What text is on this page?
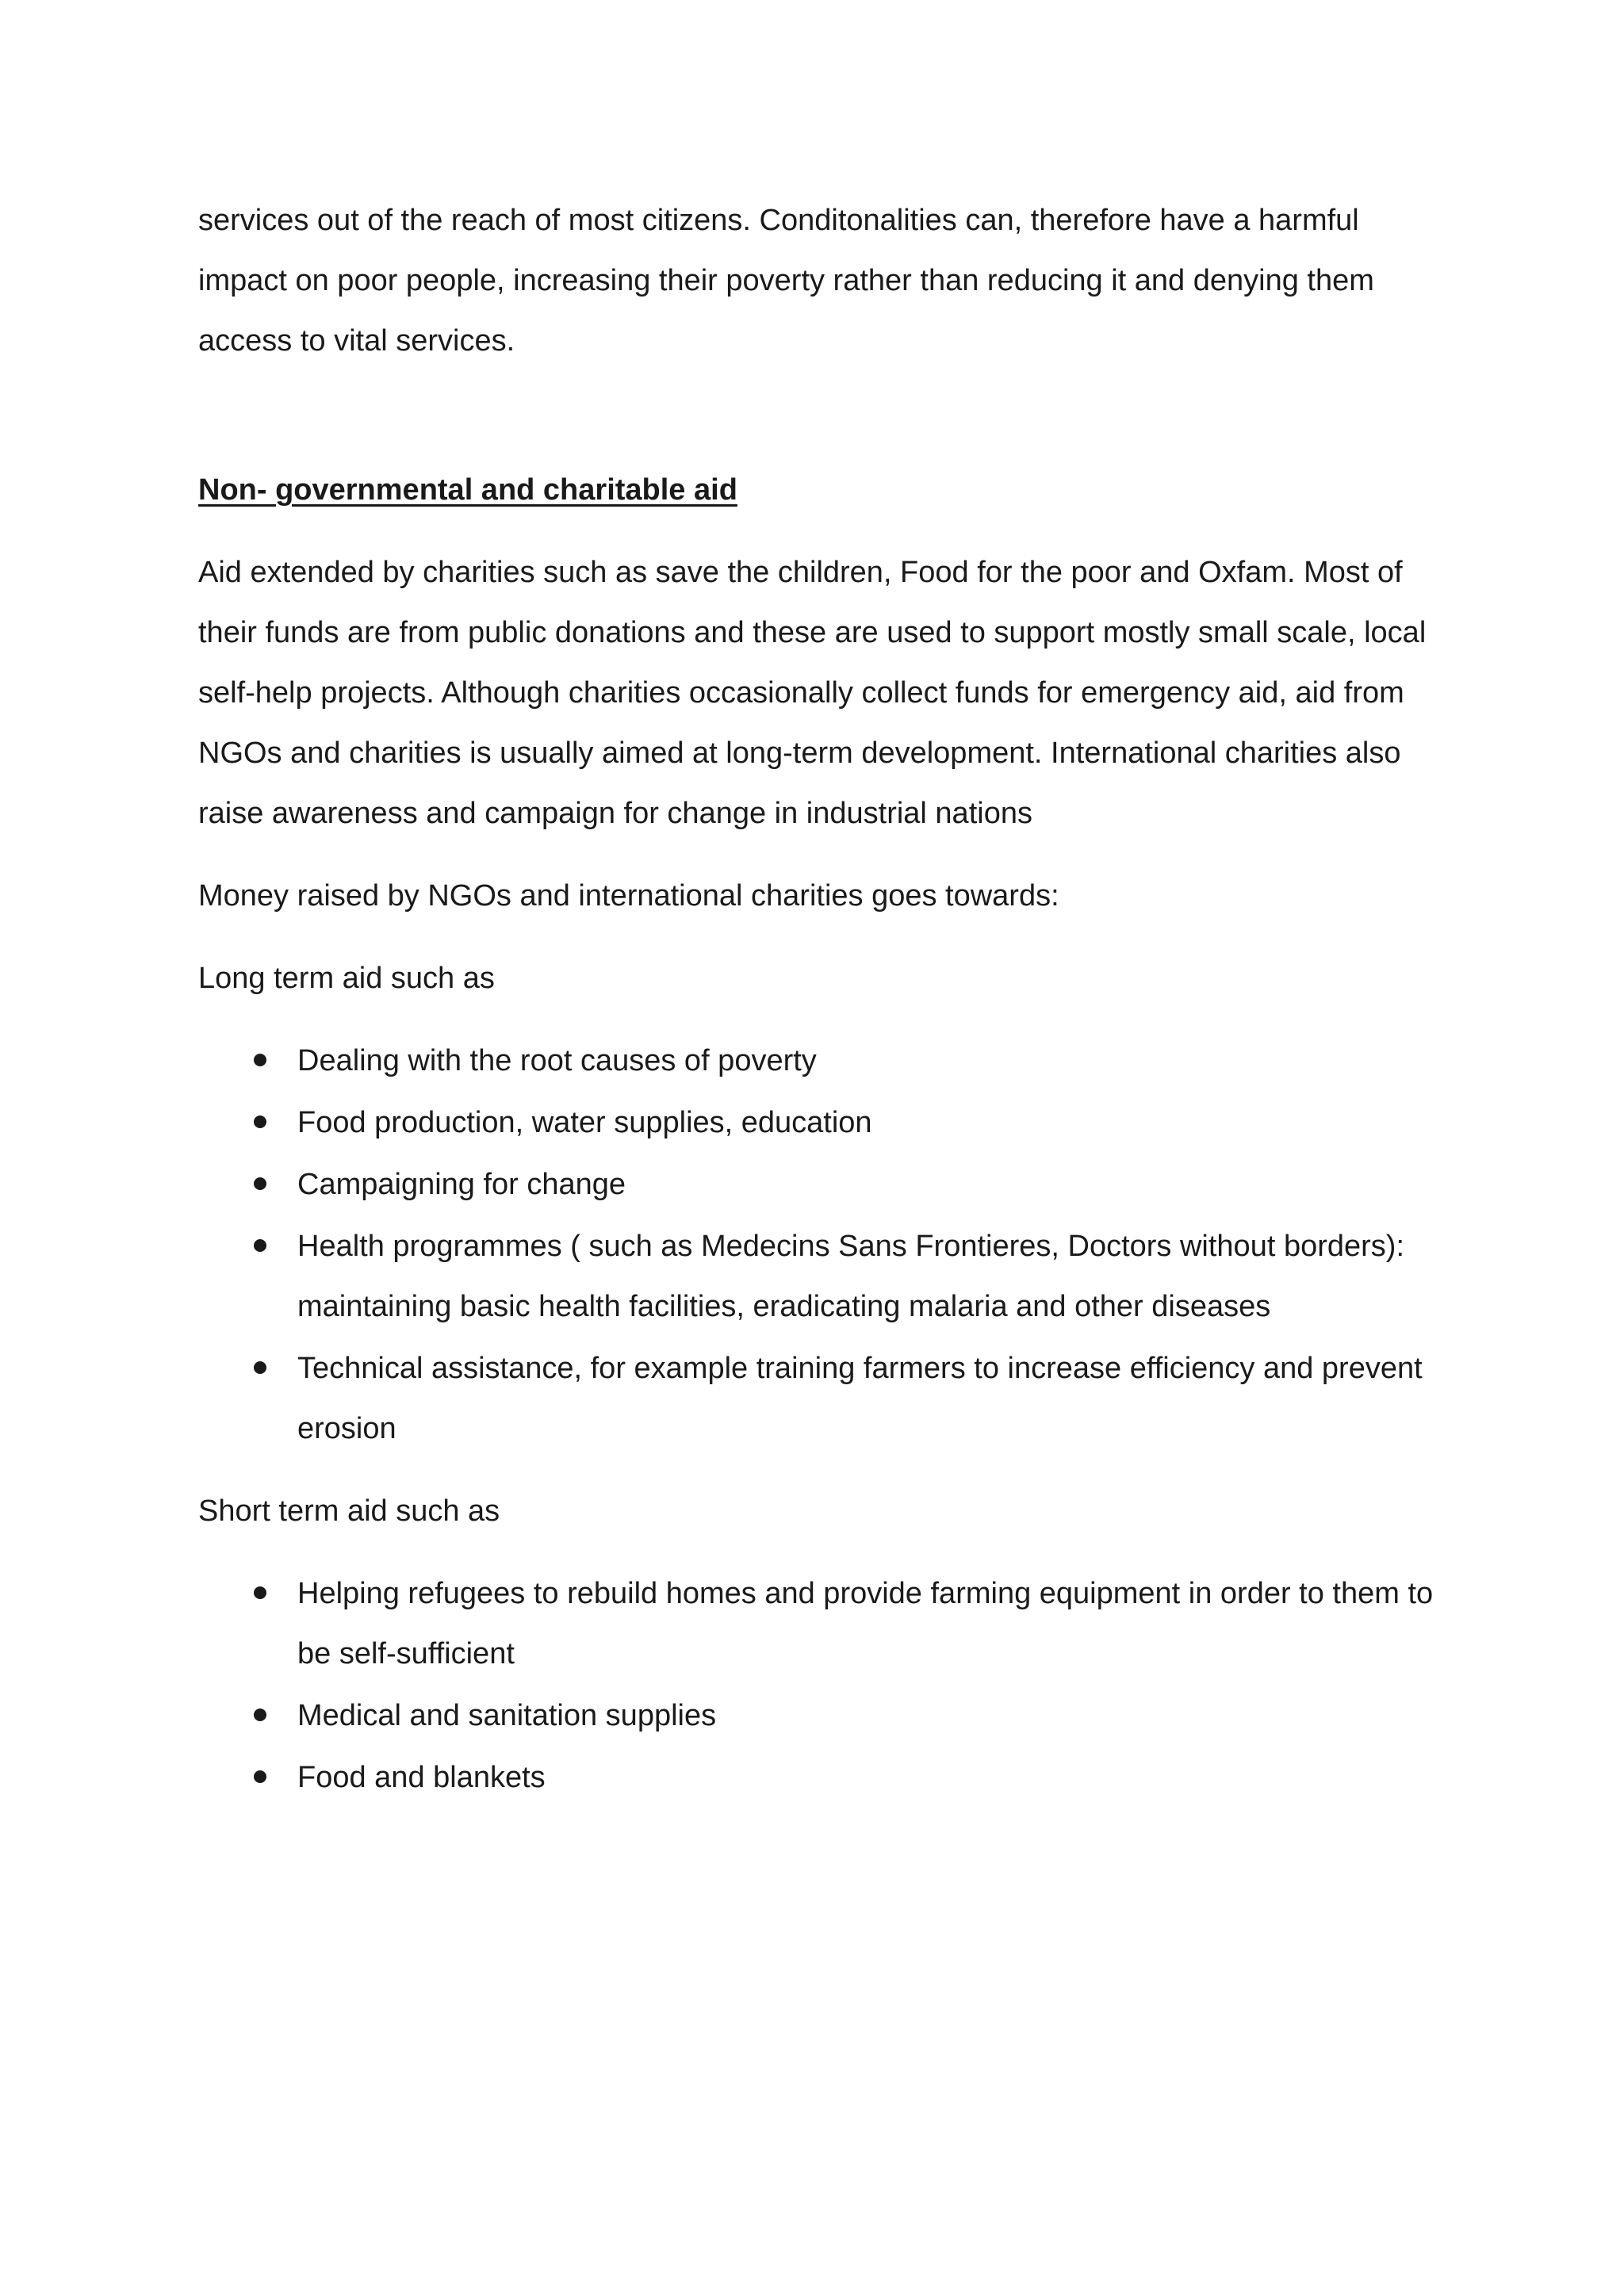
services out of the reach of most citizens. Conditonalities can, therefore have a harmful impact on poor people, increasing their poverty rather than reducing it and denying them access to vital services.

Non- governmental and charitable aid

Aid extended by charities such as save the children, Food for the poor and Oxfam. Most of their funds are from public donations and these are used to support mostly small scale, local self-help projects. Although charities occasionally collect funds for emergency aid, aid from NGOs and charities is usually aimed at long-term development. International charities also raise awareness and campaign for change in industrial nations

Money raised by NGOs and international charities goes towards:

Long term aid such as

Dealing with the root causes of poverty
Food production, water supplies, education
Campaigning for change
Health programmes ( such as Medecins Sans Frontieres, Doctors without borders): maintaining basic health facilities, eradicating malaria and other diseases
Technical assistance, for example training farmers to increase efficiency and prevent erosion

Short term aid such as

Helping refugees to rebuild homes and provide farming equipment in order to them to be self-sufficient
Medical and sanitation supplies
Food and blankets
